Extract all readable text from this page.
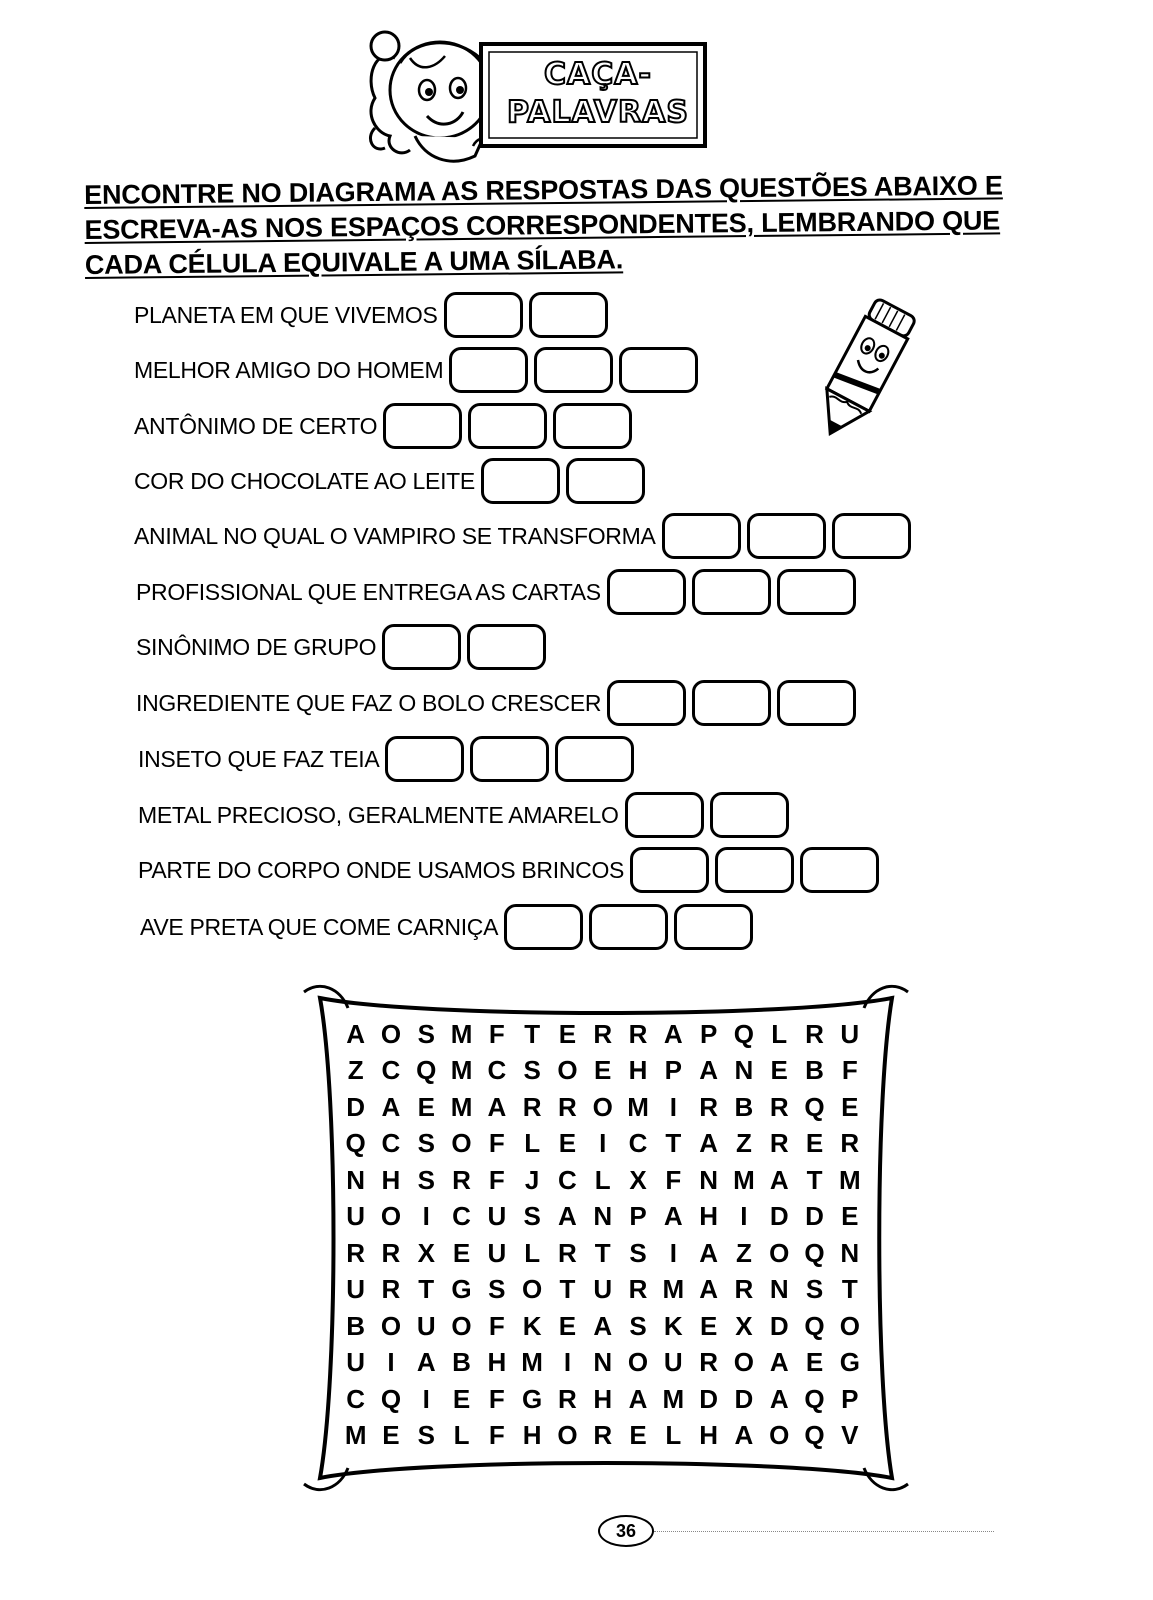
CAÇA-
PALAVRAS
ENCONTRE NO DIAGRAMA AS RESPOSTAS DAS QUESTÕES ABAIXO E
ESCREVA-AS NOS ESPAÇOS CORRESPONDENTES, LEMBRANDO QUE
CADA CÉLULA EQUIVALE A UMA SÍLABA.
PLANETA EM QUE VIVEMOS
MELHOR AMIGO DO HOMEM
ANTÔNIMO DE CERTO
COR DO CHOCOLATE AO LEITE
ANIMAL NO QUAL O VAMPIRO SE TRANSFORMA
PROFISSIONAL QUE ENTREGA AS CARTAS
SINÔNIMO DE GRUPO
INGREDIENTE QUE FAZ O BOLO CRESCER
INSETO QUE FAZ TEIA
METAL PRECIOSO, GERALMENTE AMARELO
PARTE DO CORPO ONDE USAMOS BRINCOS
AVE PRETA QUE COME CARNIÇA
A O S M F T E R R A P Q L R U
Z C Q M C S O E H P A N E B F
D A E M A R R O M I R B R Q E
Q C S O F L E I C T A Z R E R
N H S R F J C L X F N M A T M
U O I C U S A N P A H I D D E
R R X E U L R T S I A Z O Q N
U R T G S O T U R M A R N S T
B O U O F K E A S K E X D Q O
U I A B H M I N O U R O A E G
C Q I E F G R H A M D D A Q P
M E S L F H O R E L H A O Q V
36
